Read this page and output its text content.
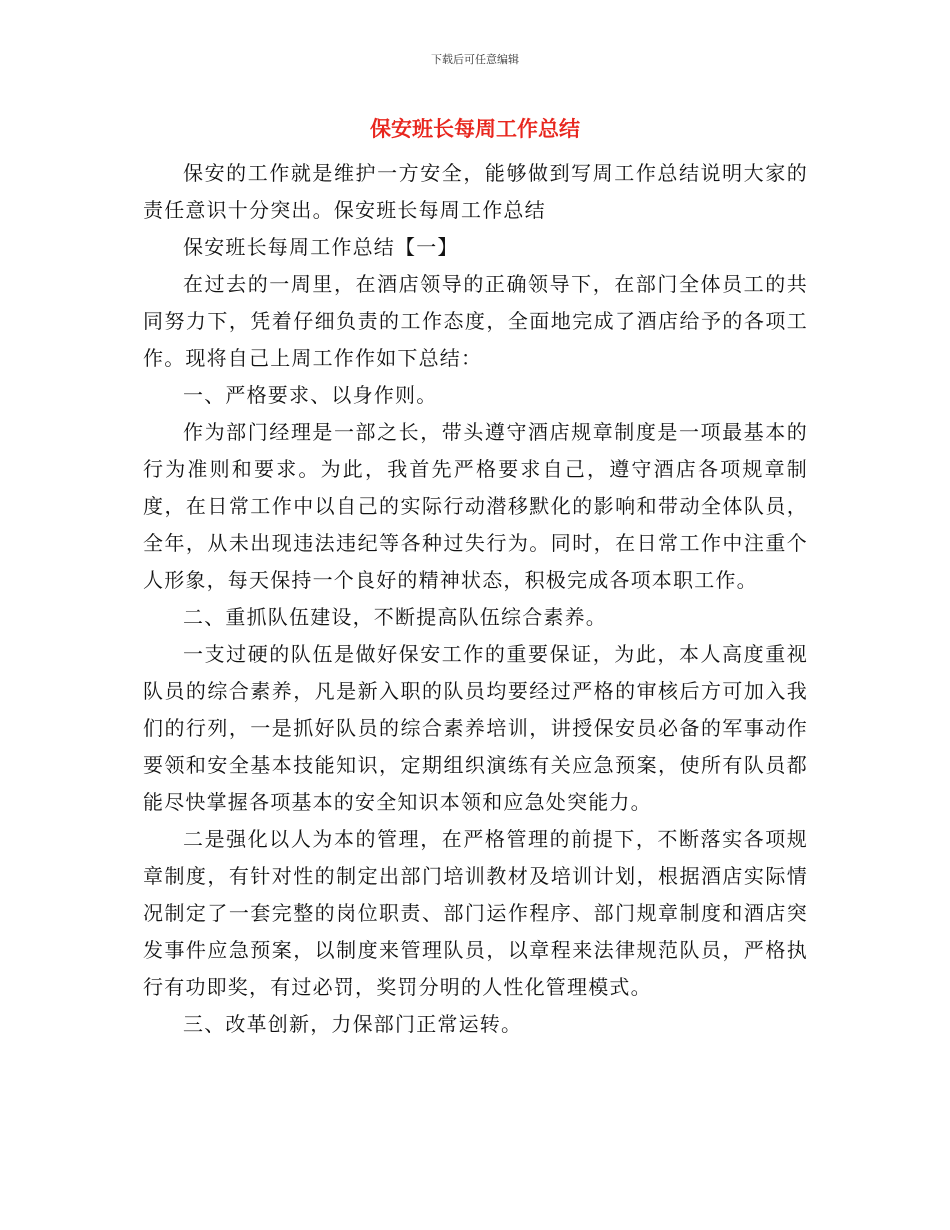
下载后可任意编辑
保安班长每周工作总结

保安的工作就是维护一方安全，能够做到写周工作总结说明大家的责任意识十分突出。保安班长每周工作总结

保安班长每周工作总结【一】

在过去的一周里，在酒店领导的正确领导下，在部门全体员工的共同努力下，凭着仔细负责的工作态度，全面地完成了酒店给予的各项工作。现将自己上周工作作如下总结：

一、严格要求、以身作则。

作为部门经理是一部之长，带头遵守酒店规章制度是一项最基本的行为准则和要求。为此，我首先严格要求自己，遵守酒店各项规章制度，在日常工作中以自己的实际行动潜移默化的影响和带动全体队员，全年，从未出现违法违纪等各种过失行为。同时，在日常工作中注重个人形象，每天保持一个良好的精神状态，积极完成各项本职工作。

二、重抓队伍建设，不断提高队伍综合素养。

一支过硬的队伍是做好保安工作的重要保证，为此，本人高度重视队员的综合素养，凡是新入职的队员均要经过严格的审核后方可加入我们的行列，一是抓好队员的综合素养培训，讲授保安员必备的军事动作要领和安全基本技能知识，定期组织演练有关应急预案，使所有队员都能尽快掌握各项基本的安全知识本领和应急处突能力。

二是强化以人为本的管理，在严格管理的前提下，不断落实各项规章制度，有针对性的制定出部门培训教材及培训计划，根据酒店实际情况制定了一套完整的岗位职责、部门运作程序、部门规章制度和酒店突发事件应急预案，以制度来管理队员，以章程来法律规范队员，严格执行有功即奖，有过必罚，奖罚分明的人性化管理模式。

三、改革创新，力保部门正常运转。
